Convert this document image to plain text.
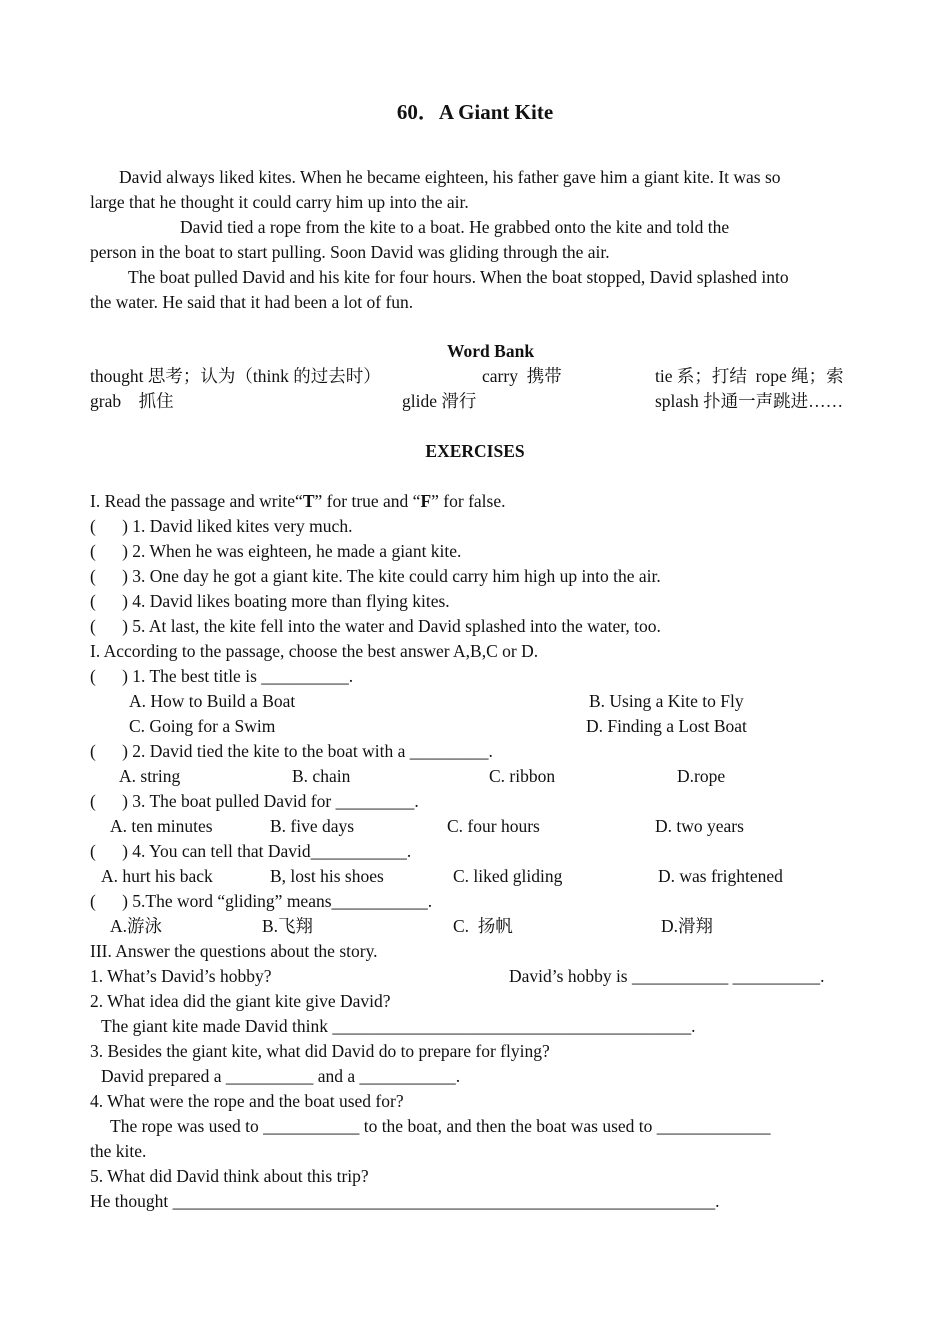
60．A Giant Kite
David always liked kites. When he became eighteen, his father gave him a giant kite. It was so
large that he thought it could carry him up into the air.
David tied a rope from the kite to a boat. He grabbed onto the kite and told the
person in the boat to start pulling. Soon David was gliding through the air.
The boat pulled David and his kite for four hours. When the boat stopped, David splashed into
the water. He said that it had been a lot of fun.
Word Bank
thought 思考；认为（think 的过去时）	carry  携带	tie 系；打结  rope 绳；索
grab　抓住	glide 滑行	splash 扑通一声跳进……
EXERCISES
I. Read the passage and write“T” for true and “F” for false.
(      ) 1. David liked kites very much.
(      ) 2. When he was eighteen, he made a giant kite.
(      ) 3. One day he got a giant kite. The kite could carry him high up into the air.
(      ) 4. David likes boating more than flying kites.
(      ) 5. At last, the kite fell into the water and David splashed into the water, too.
I. According to the passage, choose the best answer A,B,C or D.
(      ) 1. The best title is __________.
A. How to Build a Boat	B. Using a Kite to Fly
C. Going for a Swim	D. Finding a Lost Boat
(      ) 2. David tied the kite to the boat with a _________.
A. string	B. chain	C. ribbon	D.rope
(      ) 3. The boat pulled David for _________.
A. ten minutes	B. five days	C. four hours	D. two years
(      ) 4. You can tell that David___________.
A. hurt his back	B, lost his shoes	C. liked gliding	D. was frightened
(      ) 5.The word “gliding” means___________.
A.游泳	B.飞翔	C.  扬帆	D.滑翔
III. Answer the questions about the story.
1. What’s David’s hobby?	David’s hobby is ___________ __________.
2. What idea did the giant kite give David?
The giant kite made David think _________________________________________.
3. Besides the giant kite, what did David do to prepare for flying?
David prepared a __________ and a ___________.
4. What were the rope and the boat used for?
The rope was used to ___________ to the boat, and then the boat was used to _____________
the kite.
5. What did David think about this trip?
He thought ______________________________________________________________.
